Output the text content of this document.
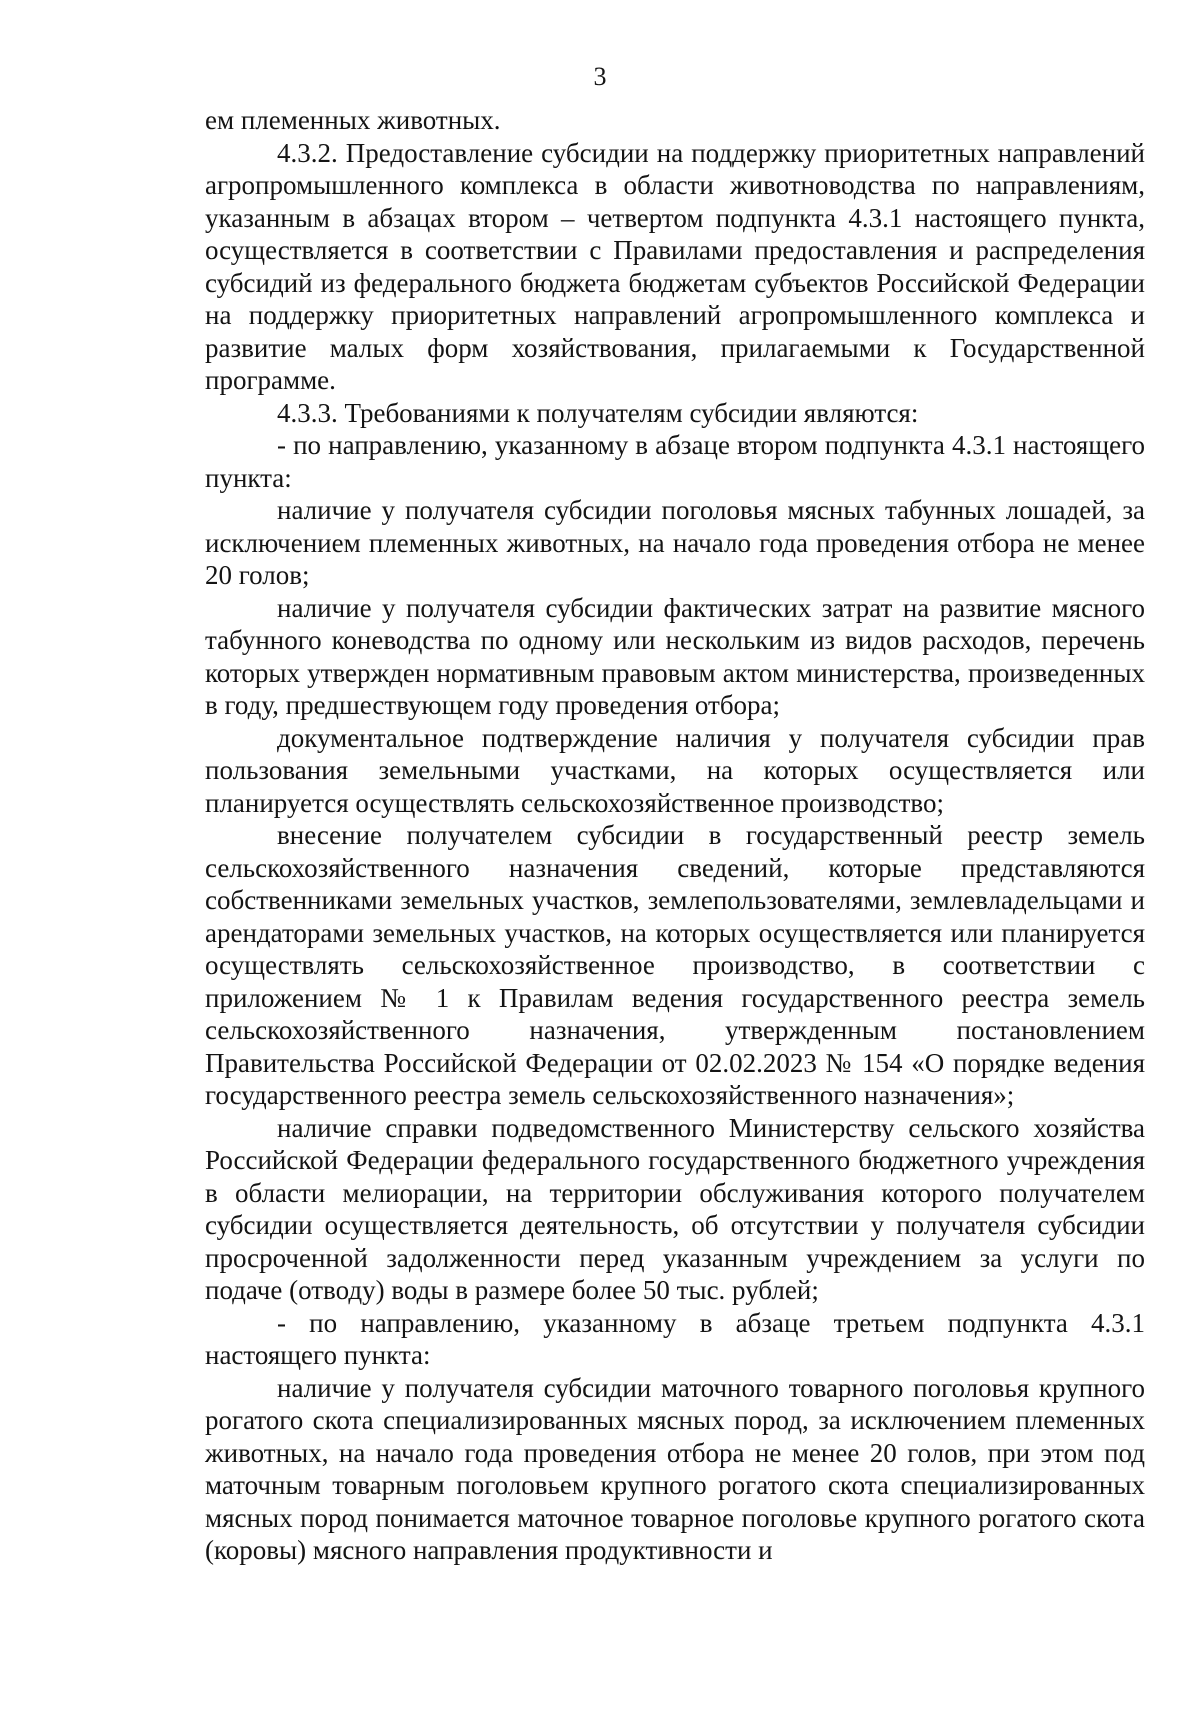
3

ем племенных животных.

4.3.2. Предоставление субсидии на поддержку приоритетных направлений агропромышленного комплекса в области животноводства по направлениям, указанным в абзацах втором – четвертом подпункта 4.3.1 настоящего пункта, осуществляется в соответствии с Правилами предоставления и распределения субсидий из федерального бюджета бюджетам субъектов Российской Федерации на поддержку приоритетных направлений агропромышленного комплекса и развитие малых форм хозяйствования, прилагаемыми к Государственной программе.

4.3.3. Требованиями к получателям субсидии являются:

- по направлению, указанному в абзаце втором подпункта 4.3.1 настоящего пункта:

наличие у получателя субсидии поголовья мясных табунных лошадей, за исключением племенных животных, на начало года проведения отбора не менее 20 голов;

наличие у получателя субсидии фактических затрат на развитие мясного табунного коневодства по одному или нескольким из видов расходов, перечень которых утвержден нормативным правовым актом министерства, произведенных в году, предшествующем году проведения отбора;

документальное подтверждение наличия у получателя субсидии прав пользования земельными участками, на которых осуществляется или планируется осуществлять сельскохозяйственное производство;

внесение получателем субсидии в государственный реестр земель сельскохозяйственного назначения сведений, которые представляются собственниками земельных участков, землепользователями, землевладельцами и арендаторами земельных участков, на которых осуществляется или планируется осуществлять сельскохозяйственное производство, в соответствии с приложением № 1 к Правилам ведения государственного реестра земель сельскохозяйственного назначения, утвержденным постановлением Правительства Российской Федерации от 02.02.2023 № 154 «О порядке ведения государственного реестра земель сельскохозяйственного назначения»;

наличие справки подведомственного Министерству сельского хозяйства Российской Федерации федерального государственного бюджетного учреждения в области мелиорации, на территории обслуживания которого получателем субсидии осуществляется деятельность, об отсутствии у получателя субсидии просроченной задолженности перед указанным учреждением за услуги по подаче (отводу) воды в размере более 50 тыс. рублей;

- по направлению, указанному в абзаце третьем подпункта 4.3.1 настоящего пункта:

наличие у получателя субсидии маточного товарного поголовья крупного рогатого скота специализированных мясных пород, за исключением племенных животных, на начало года проведения отбора не менее 20 голов, при этом под маточным товарным поголовьем крупного рогатого скота специализированных мясных пород понимается маточное товарное поголовье крупного рогатого скота (коровы) мясного направления продуктивности и
